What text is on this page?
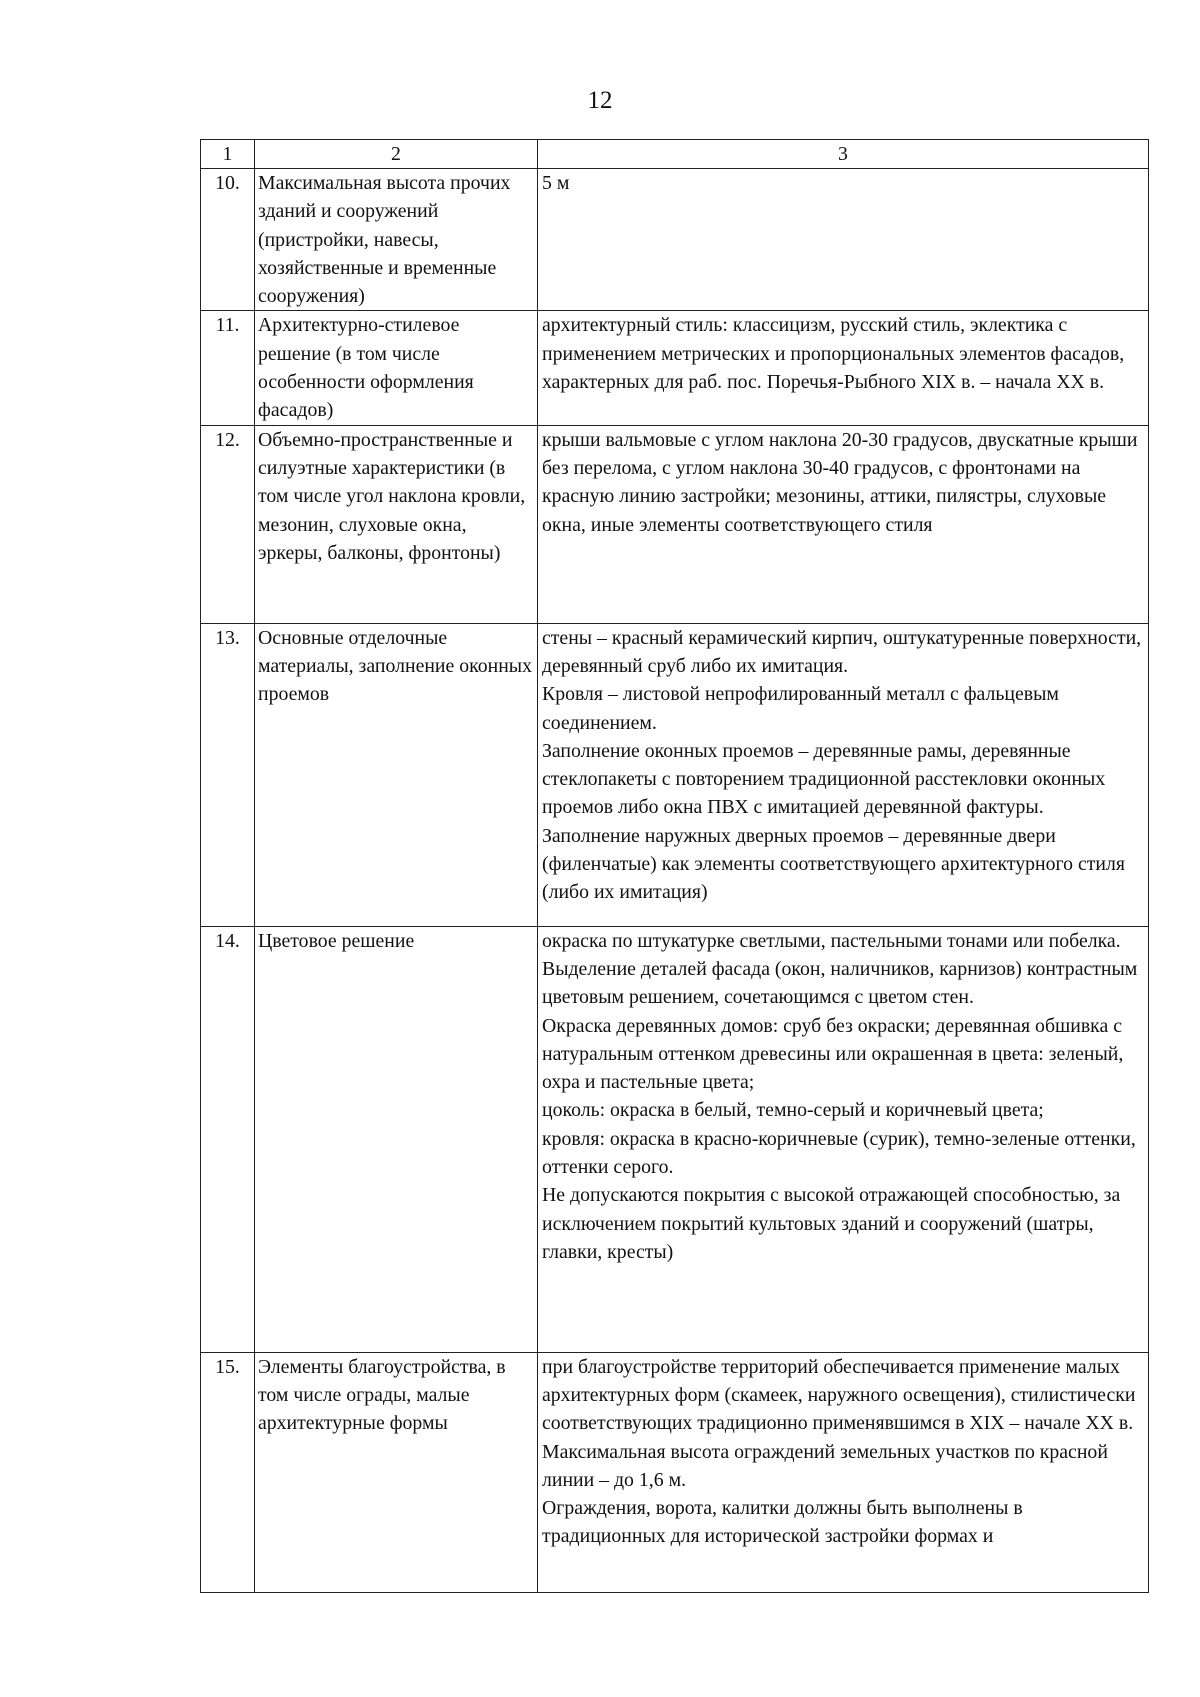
12
1	2	3
10.	Максимальная высота прочих зданий и сооружений (пристройки, навесы, хозяйственные и временные сооружения)	5 м

11.	Архитектурно-стилевое решение (в том числе особенности оформления фасадов)	архитектурный стиль: классицизм, русский стиль, эклектика с применением метрических и пропорциональных элементов фасадов, характерных для раб. пос. Поречья-Рыбного XIX в. – начала XX в.

12.	Объемно-пространственные и силуэтные характеристики (в том числе угол наклона кровли, мезонин, слуховые окна, эркеры, балконы, фронтоны)	крыши вальмовые с углом наклона 20-30 градусов, двускатные крыши без перелома, с углом наклона 30-40 градусов, с фронтонами на красную линию застройки; мезонины, аттики, пилястры, слуховые окна, иные элементы соответствующего стиля

13.	Основные отделочные материалы, заполнение оконных проемов	стены – красный керамический кирпич, оштукатуренные поверхности, деревянный сруб либо их имитация.
Кровля – листовой непрофилированный металл с фальцевым соединением.
Заполнение оконных проемов – деревянные рамы, деревянные стеклопакеты с повторением традиционной расстекловки оконных проемов либо окна ПВХ с имитацией деревянной фактуры.
Заполнение наружных дверных проемов – деревянные двери (филенчатые) как элементы соответствующего архитектурного стиля (либо их имитация)

14.	Цветовое решение	окраска по штукатурке светлыми, пастельными тонами или побелка. Выделение деталей фасада (окон, наличников, карнизов) контрастным цветовым решением, сочетающимся с цветом стен.
Окраска деревянных домов: сруб без окраски; деревянная обшивка с натуральным оттенком древесины или окрашенная в цвета: зеленый, охра и пастельные цвета;
цоколь: окраска в белый, темно-серый и коричневый цвета;
кровля: окраска в красно-коричневые (сурик), темно-зеленые оттенки, оттенки серого.
Не допускаются покрытия с высокой отражающей способностью, за исключением покрытий культовых зданий и сооружений (шатры, главки, кресты)

15.	Элементы благоустройства, в том числе ограды, малые архитектурные формы	при благоустройстве территорий обеспечивается применение малых архитектурных форм (скамеек, наружного освещения), стилистически соответствующих традиционно применявшимся в XIX – начале XX в.
Максимальная высота ограждений земельных участков по красной линии – до 1,6 м.
Ограждения, ворота, калитки должны быть выполнены в традиционных для исторической застройки формах и
